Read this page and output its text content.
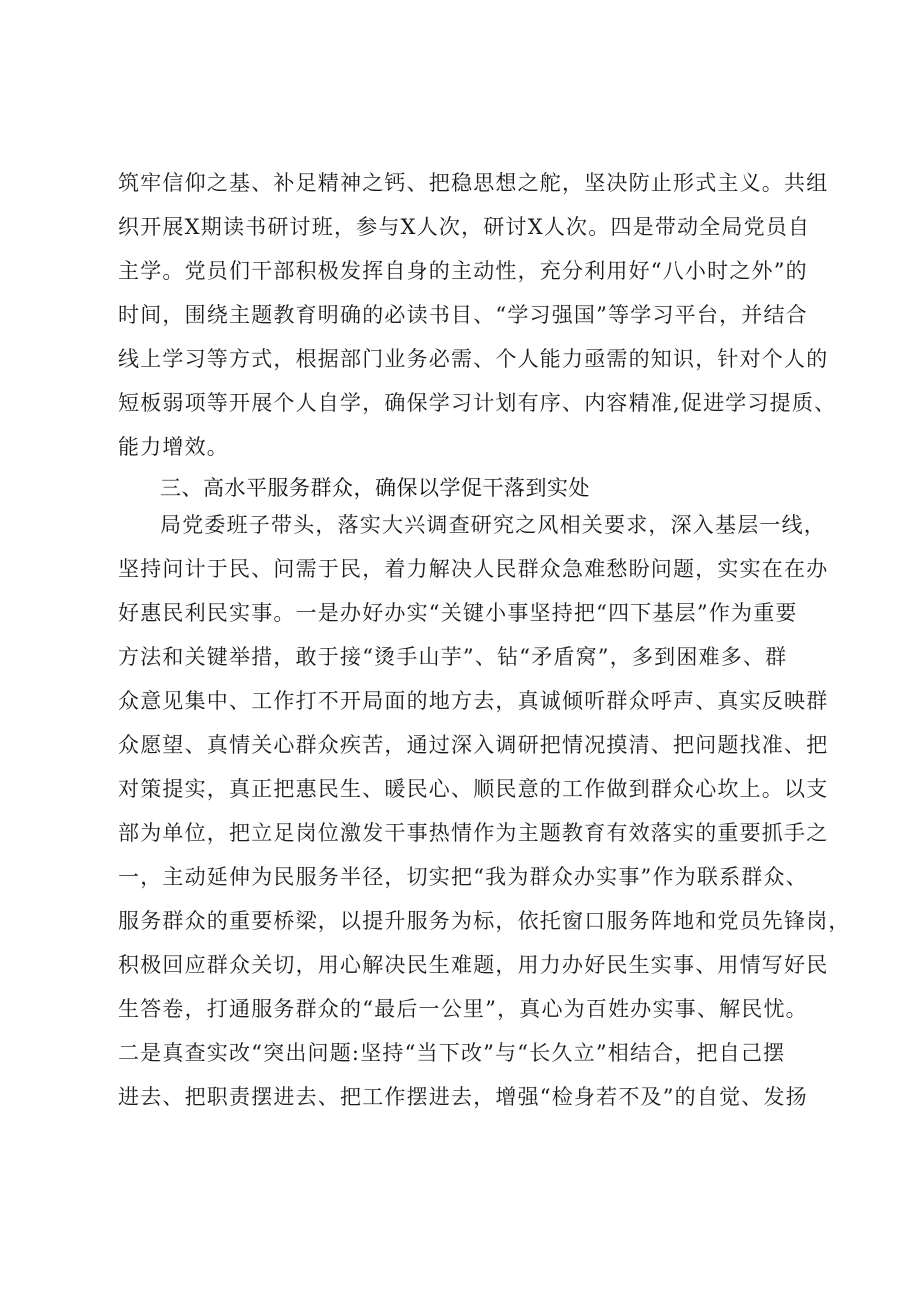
筑牢信仰之基、补足精神之钙、把稳思想之舵，坚决防止形式主义。共组
织开展X期读书研讨班，参与X人次，研讨X人次。四是带动全局党员自
主学。党员们干部积极发挥自身的主动性，充分利用好“八小时之外”的
时间，围绕主题教育明确的必读书目、“学习强国”等学习平台，并结合
线上学习等方式，根据部门业务必需、个人能力亟需的知识，针对个人的
短板弱项等开展个人自学，确保学习计划有序、内容精准,促进学习提质、
能力增效。
三、高水平服务群众，确保以学促干落到实处
局党委班子带头，落实大兴调查研究之风相关要求，深入基层一线，
坚持问计于民、问需于民，着力解决人民群众急难愁盼问题，实实在在办
好惠民利民实事。一是办好办实“关键小事坚持把“四下基层”作为重要
方法和关键举措，敢于接“烫手山芋”、钻“矛盾窝”，多到困难多、群
众意见集中、工作打不开局面的地方去，真诚倾听群众呼声、真实反映群
众愿望、真情关心群众疾苦，通过深入调研把情况摸清、把问题找准、把
对策提实，真正把惠民生、暖民心、顺民意的工作做到群众心坎上。以支
部为单位，把立足岗位激发干事热情作为主题教育有效落实的重要抓手之
一，主动延伸为民服务半径，切实把“我为群众办实事”作为联系群众、
服务群众的重要桥梁，以提升服务为标，依托窗口服务阵地和党员先锋岗，
积极回应群众关切，用心解决民生难题，用力办好民生实事、用情写好民
生答卷，打通服务群众的“最后一公里”，真心为百姓办实事、解民忧。
二是真查实改“突出问题:坚持“当下改”与“长久立”相结合，把自己摆
进去、把职责摆进去、把工作摆进去，增强“检身若不及”的自觉、发扬
